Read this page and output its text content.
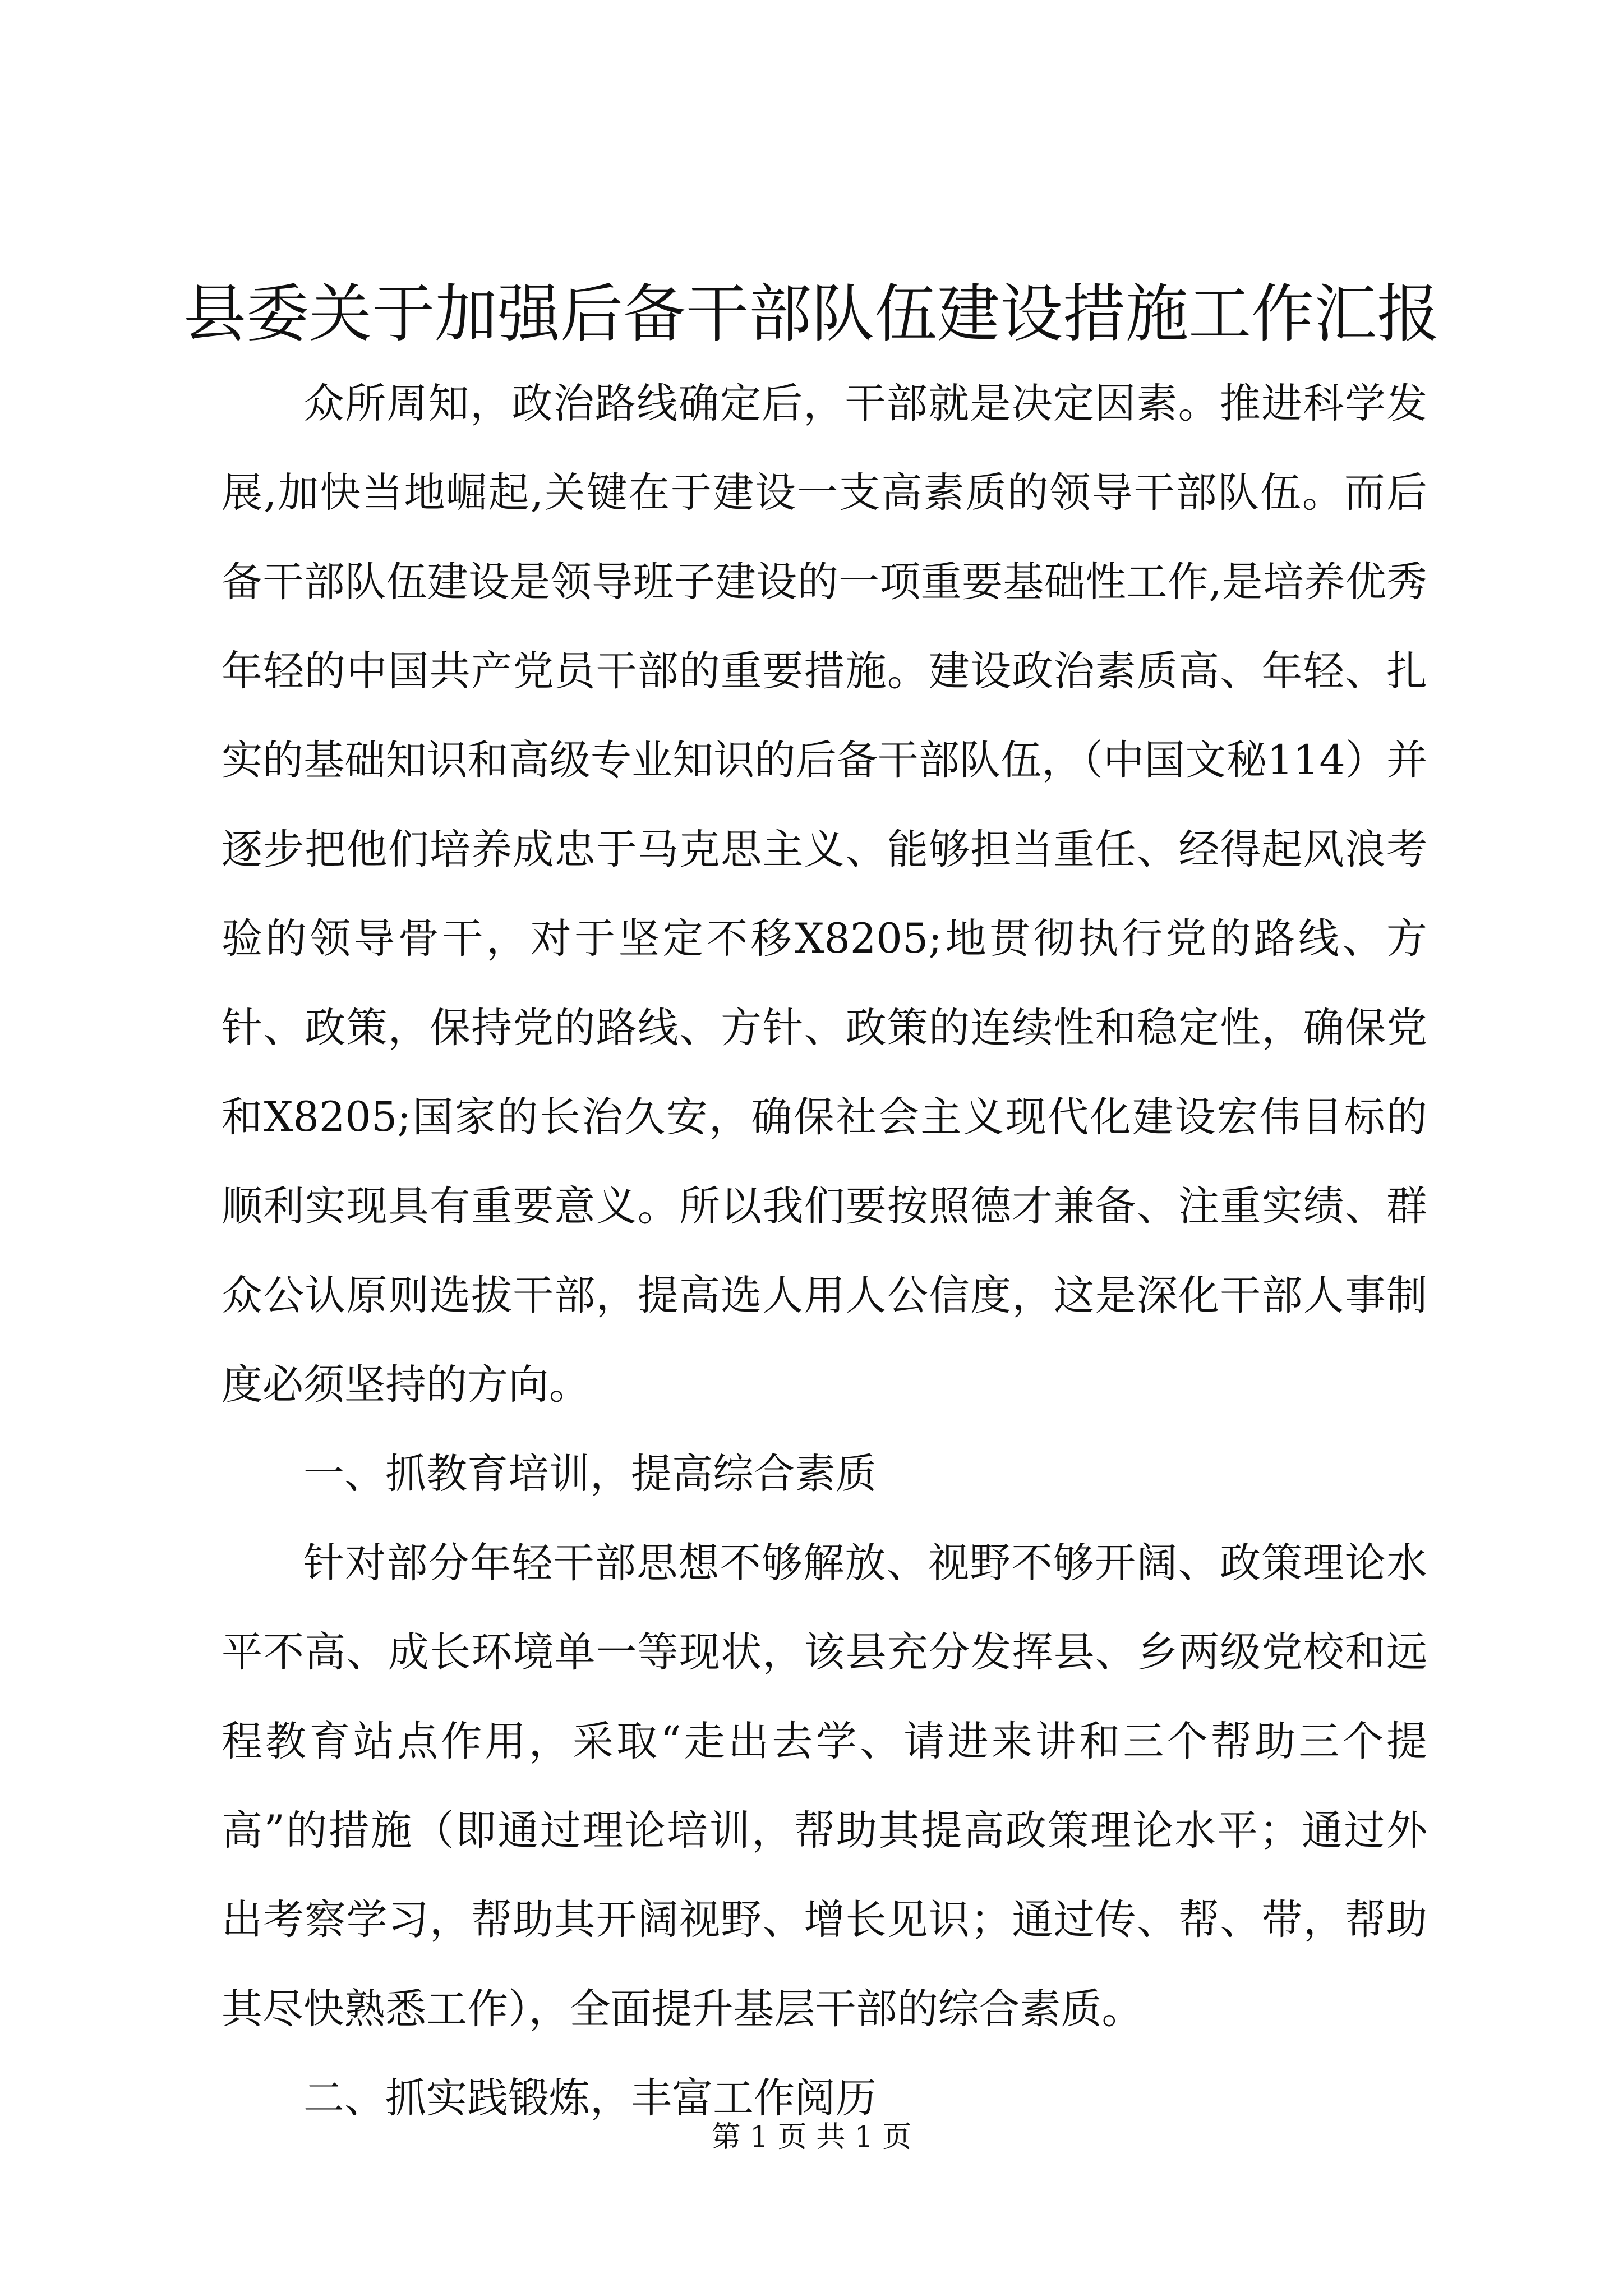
县委关于加强后备干部队伍建设措施工作汇报

众所周知，政治路线确定后，干部就是决定因素。推进科学发展,加快当地崛起,关键在于建设一支高素质的领导干部队伍。而后备干部队伍建设是领导班子建设的一项重要基础性工作,是培养优秀年轻的中国共产党员干部的重要措施。建设政治素质高、年轻、扎实的基础知识和高级专业知识的后备干部队伍，（中国文秘114）并逐步把他们培养成忠于马克思主义、能够担当重任、经得起风浪考验的领导骨干，对于坚定不移X8205;地贯彻执行党的路线、方针、政策，保持党的路线、方针、政策的连续性和稳定性，确保党和X8205;国家的长治久安，确保社会主义现代化建设宏伟目标的顺利实现具有重要意义。所以我们要按照德才兼备、注重实绩、群众公认原则选拔干部，提高选人用人公信度，这是深化干部人事制度必须坚持的方向。

一、抓教育培训，提高综合素质

针对部分年轻干部思想不够解放、视野不够开阔、政策理论水平不高、成长环境单一等现状，该县充分发挥县、乡两级党校和远程教育站点作用，采取“走出去学、请进来讲和三个帮助三个提高”的措施（即通过理论培训，帮助其提高政策理论水平；通过外出考察学习，帮助其开阔视野、增长见识；通过传、帮、带，帮助其尽快熟悉工作），全面提升基层干部的综合素质。

二、抓实践锻炼，丰富工作阅历

第 1 页 共 1 页
